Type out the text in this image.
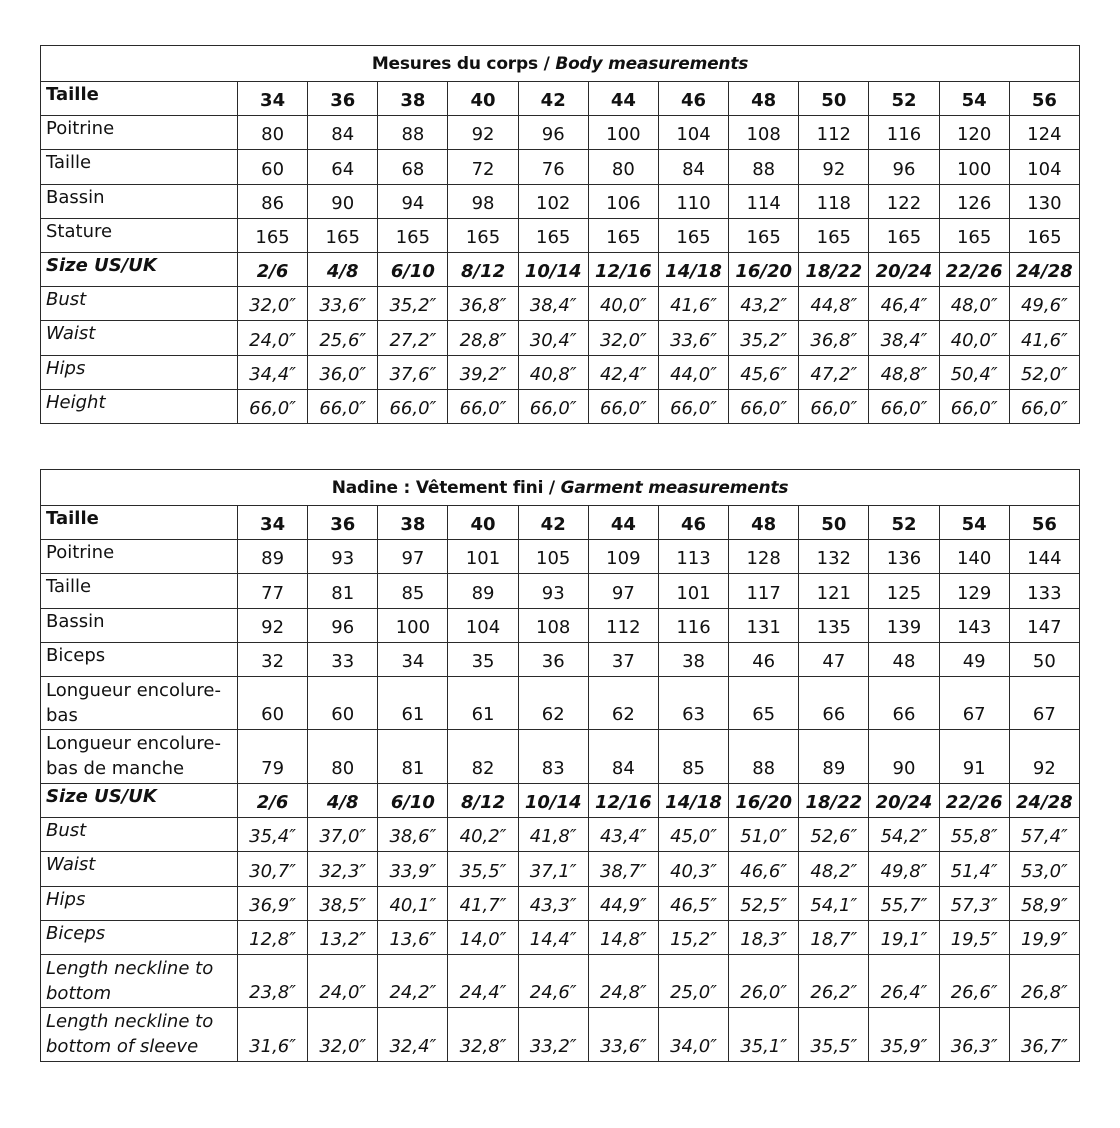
Mesures du corps / Body measurements												
Taille	34	36	38	40	42	44	46	48	50	52	54	56
Poitrine	80	84	88	92	96	100	104	108	112	116	120	124
Taille	60	64	68	72	76	80	84	88	92	96	100	104
Bassin	86	90	94	98	102	106	110	114	118	122	126	130
Stature	165	165	165	165	165	165	165	165	165	165	165	165
Size US/UK	2/6	4/8	6/10	8/12	10/14	12/16	14/18	16/20	18/22	20/24	22/26	24/28
Bust	32,0″	33,6″	35,2″	36,8″	38,4″	40,0″	41,6″	43,2″	44,8″	46,4″	48,0″	49,6″
Waist	24,0″	25,6″	27,2″	28,8″	30,4″	32,0″	33,6″	35,2″	36,8″	38,4″	40,0″	41,6″
Hips	34,4″	36,0″	37,6″	39,2″	40,8″	42,4″	44,0″	45,6″	47,2″	48,8″	50,4″	52,0″
Height	66,0″	66,0″	66,0″	66,0″	66,0″	66,0″	66,0″	66,0″	66,0″	66,0″	66,0″	66,0″
Nadine : Vêtement fini / Garment measurements												
Taille	34	36	38	40	42	44	46	48	50	52	54	56
Poitrine	89	93	97	101	105	109	113	128	132	136	140	144
Taille	77	81	85	89	93	97	101	117	121	125	129	133
Bassin	92	96	100	104	108	112	116	131	135	139	143	147
Biceps	32	33	34	35	36	37	38	46	47	48	49	50
Longueur encolure-bas	60	60	61	61	62	62	63	65	66	66	67	67
Longueur encolure-bas de manche	79	80	81	82	83	84	85	88	89	90	91	92
Size US/UK	2/6	4/8	6/10	8/12	10/14	12/16	14/18	16/20	18/22	20/24	22/26	24/28
Bust	35,4″	37,0″	38,6″	40,2″	41,8″	43,4″	45,0″	51,0″	52,6″	54,2″	55,8″	57,4″
Waist	30,7″	32,3″	33,9″	35,5″	37,1″	38,7″	40,3″	46,6″	48,2″	49,8″	51,4″	53,0″
Hips	36,9″	38,5″	40,1″	41,7″	43,3″	44,9″	46,5″	52,5″	54,1″	55,7″	57,3″	58,9″
Biceps	12,8″	13,2″	13,6″	14,0″	14,4″	14,8″	15,2″	18,3″	18,7″	19,1″	19,5″	19,9″
Length neckline to bottom	23,8″	24,0″	24,2″	24,4″	24,6″	24,8″	25,0″	26,0″	26,2″	26,4″	26,6″	26,8″
Length neckline to bottom of sleeve	31,6″	32,0″	32,4″	32,8″	33,2″	33,6″	34,0″	35,1″	35,5″	35,9″	36,3″	36,7″
